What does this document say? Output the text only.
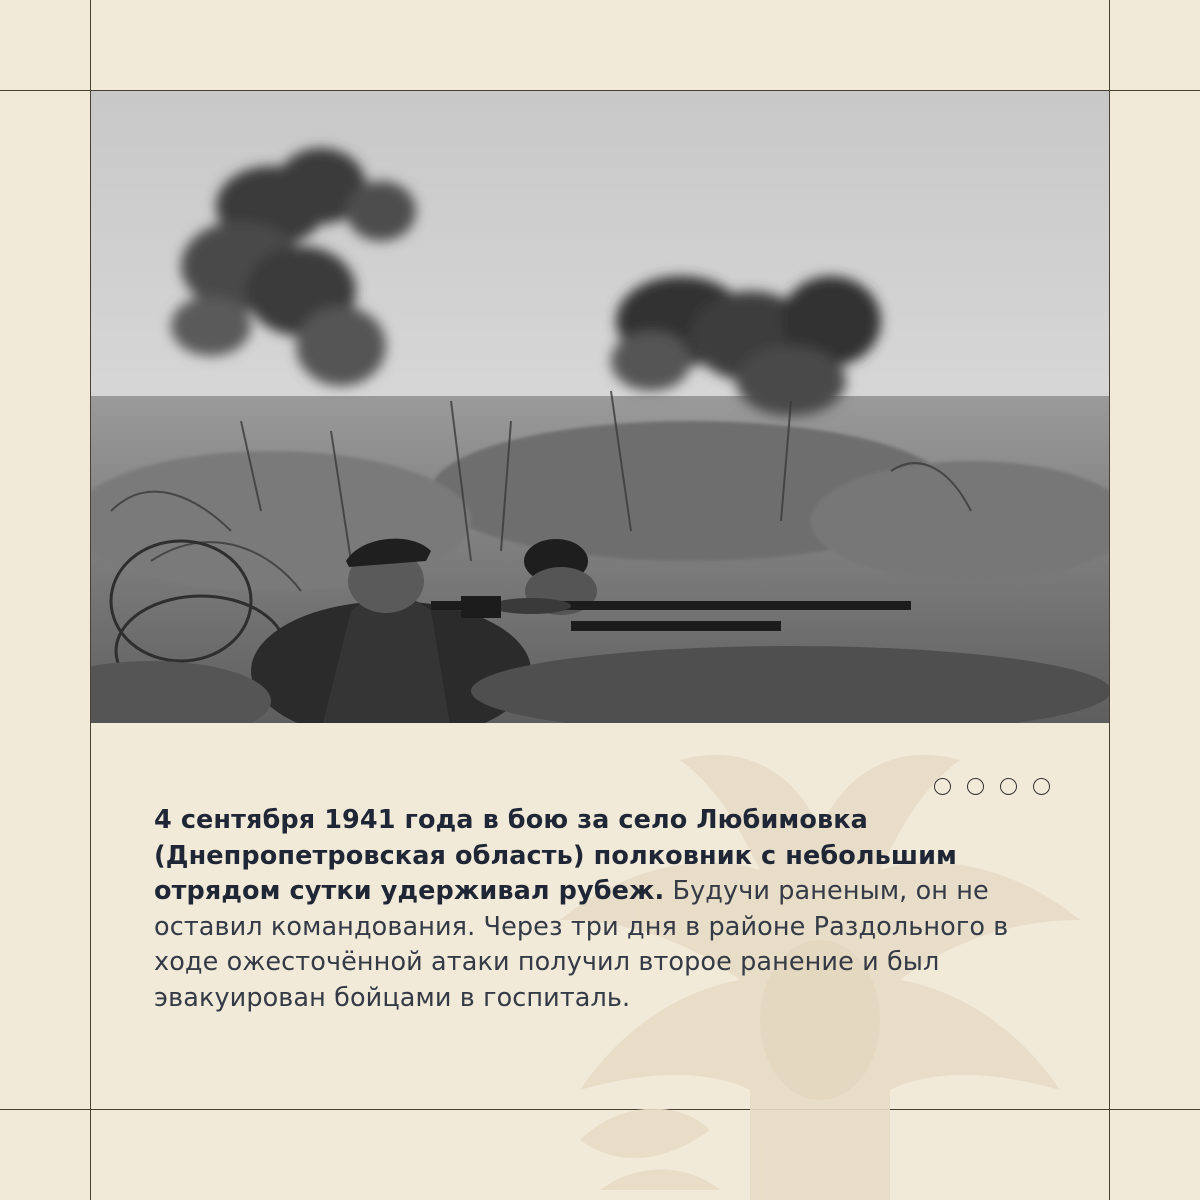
4 сентября 1941 года в бою за село Любимовка (Днепропетровская область) полковник с небольшим отрядом сутки удерживал рубеж. Будучи раненым, он не оставил командования. Через три дня в районе Раздольного в ходе ожесточённой атаки получил второе ранение и был эвакуирован бойцами в госпиталь.
